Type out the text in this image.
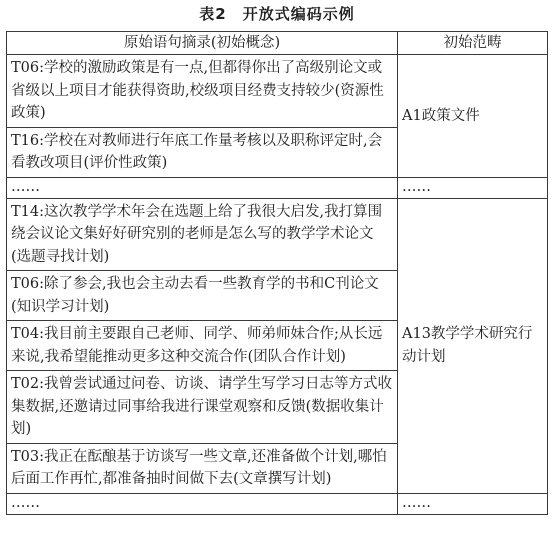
表2　开放式编码示例
原始语句摘录(初始概念)	初始范畴
T06:学校的激励政策是有一点,但都得你出了高级别论文或省级以上项目才能获得资助,校级项目经费支持较少(资源性政策)	A1政策文件
T16:学校在对教师进行年底工作量考核以及职称评定时,会看教改项目(评价性政策)	
……	……
T14:这次教学学术年会在选题上给了我很大启发,我打算围绕会议论文集好好研究别的老师是怎么写的教学学术论文(选题寻找计划)	A13教学学术研究行动计划
T06:除了参会,我也会主动去看一些教育学的书和C刊论文(知识学习计划)	
T04:我目前主要跟自己老师、同学、师弟师妹合作;从长远来说,我希望能推动更多这种交流合作(团队合作计划)	
T02:我曾尝试通过问卷、访谈、请学生写学习日志等方式收集数据,还邀请过同事给我进行课堂观察和反馈(数据收集计划)	
T03:我正在酝酿基于访谈写一些文章,还准备做个计划,哪怕后面工作再忙,都准备抽时间做下去(文章撰写计划)	
……	……
